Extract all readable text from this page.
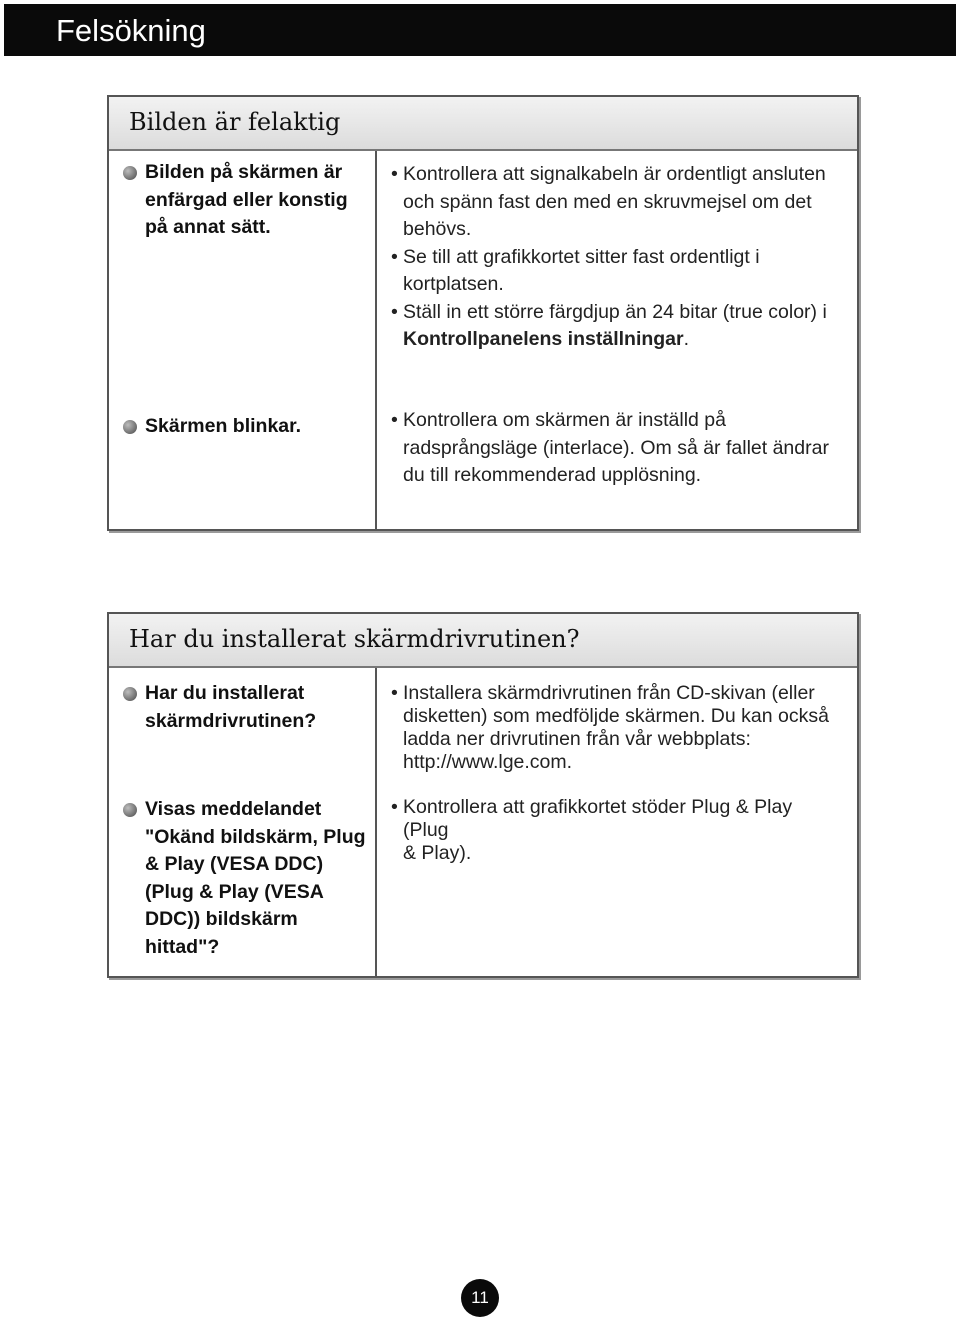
Felsökning
Bilden är felaktig
Bilden på skärmen är
enfärgad eller konstig
på annat sätt.
• Kontrollera att signalkabeln är ordentligt ansluten
och spänn fast den med en skruvmejsel om det
behövs.
• Se till att grafikkortet sitter fast ordentligt i
kortplatsen.
• Ställ in ett större färgdjup än 24 bitar (true color) i
Kontrollpanelens inställningar.
Skärmen blinkar.	• Kontrollera om skärmen är inställd på
radsprångsläge (interlace). Om så är fallet ändrar
du till rekommenderad upplösning.
Har du installerat skärmdrivrutinen?
Har du installerat
skärmdrivrutinen?
• Installera skärmdrivrutinen från CD-skivan (eller
disketten) som medföljde skärmen. Du kan också
ladda ner drivrutinen från vår webbplats:
http://www.lge.com.
Visas meddelandet
"Okänd bildskärm, Plug
& Play (VESA DDC)
(Plug & Play (VESA
DDC)) bildskärm
hittad"?
• Kontrollera att grafikkortet stöder Plug & Play (Plug
& Play).
11
